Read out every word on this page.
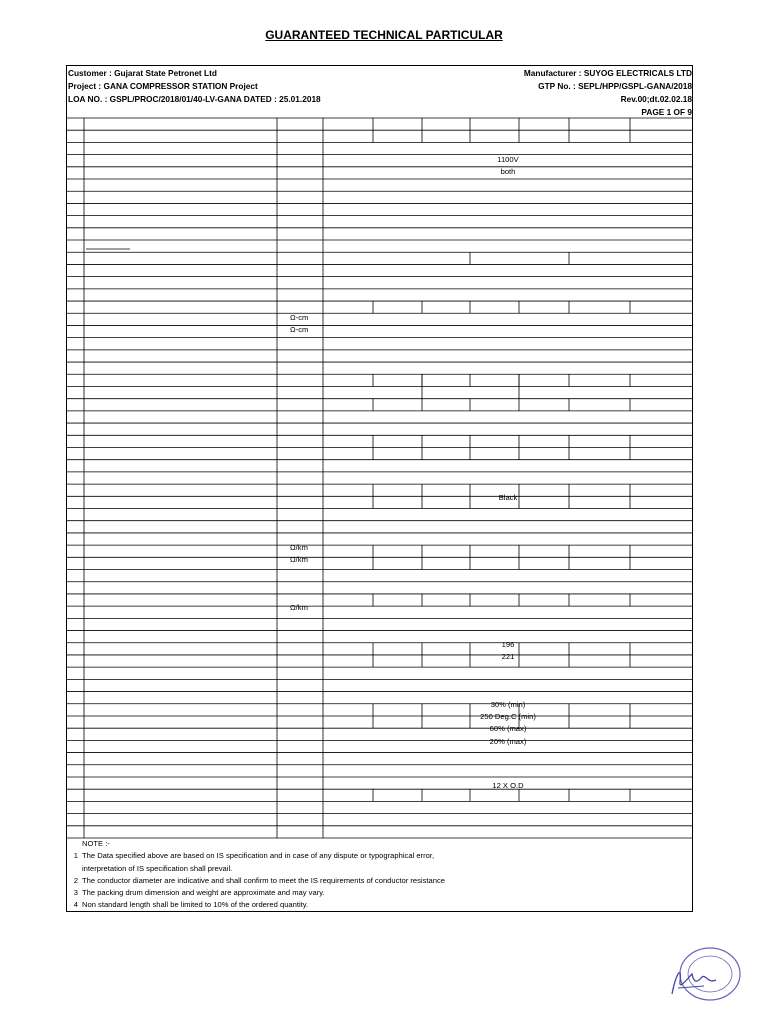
GUARANTEED TECHNICAL PARTICULAR
Customer : Gujarat State Petronet Ltd
Project : GANA COMPRESSOR STATION Project
LOA NO. : GSPL/PROC/2018/01/40-LV-GANA DATED : 25.01.2018
Manufacturer : SUYOG ELECTRICALS LTD
GTP No. : SEPL/HPP/GSPL-GANA/2018
Rev.00;dt.02.02.18
PAGE 1 OF 9
1100V
both
Ω-cm
Ω-cm
Black
Ω/km
Ω/km
Ω/km
196
221
30% (min)
250 Deg.C (min)
60% (max)
20% (max)
12 X O.D
NOTE :-
1 The Data specified above are based on IS specification and in case of any dispute or typographical error,
interpretation of IS specification shall prevail.
2 The conductor diameter are indicative and shall confirm to meet the IS requirements of conductor resistance
3 The packing drum dimension and weight are approximate and may vary.
4 Non standard length shall be limited to 10% of the ordered quantity.
